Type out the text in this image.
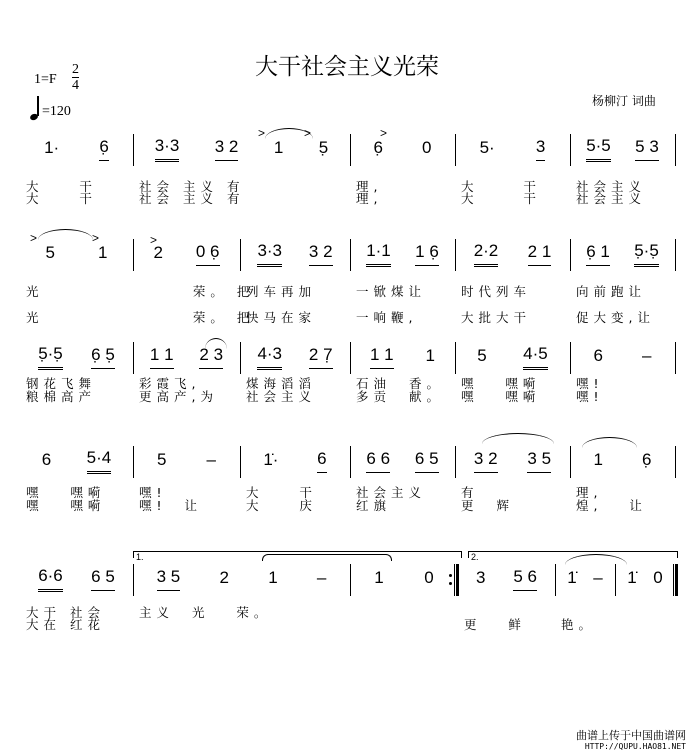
大干社会主义光荣
1=F
2
4
=120
杨柳汀 词曲
1· 6̣
大    干
大    干
3·3 3 2 1 5̣
社会 主义 有
社会 主义 有
6̣ 0
理,
理,
5· 3
大     干
大     干
5·5 5 3
社会主义
社会主义
5	1
光
光
2 0 6̣
荣。 把
荣。 把
3·3 3 2
列车再加
快马在家
1·1 1 6̣
一锨煤让
一响鞭,
2·2 2 1
时代列车
大批大干
6̣ 1 5̣·5̣
向前跑让
促大变,让
5̣·5̣ 6̣ 5̣
钢花飞舞
粮棉高产
1 1 2 3
彩霞飞,
更高产,为
4·3 2 7̣
煤海滔滔
社会主义
1 1 1
石油  香。
多贡  献。
5 4·5
嘿   嘿嗬
嘿   嘿嗬
6 –
嘿!
嘿!
6 5·4
嘿   嘿嗬
嘿   嘿嗬
5 –
嘿!
嘿!  让
1̇· 6
大    干
大    庆
6 6 6 5
社会主义
红旗
3 2 3 5
有
更  辉
1 6̣
理,
煌,   让
6·6 6 5
大干 社会
大在 红花
3 5 2 1 –
主义  光   荣。
1 0 3 5 6
更   鲜
1̇ –
艳。
1̇ 0
>	>	>
>	>	>
1.	2.
曲谱上传于中国曲谱网
HTTP://QUPU.HAO81.NET
